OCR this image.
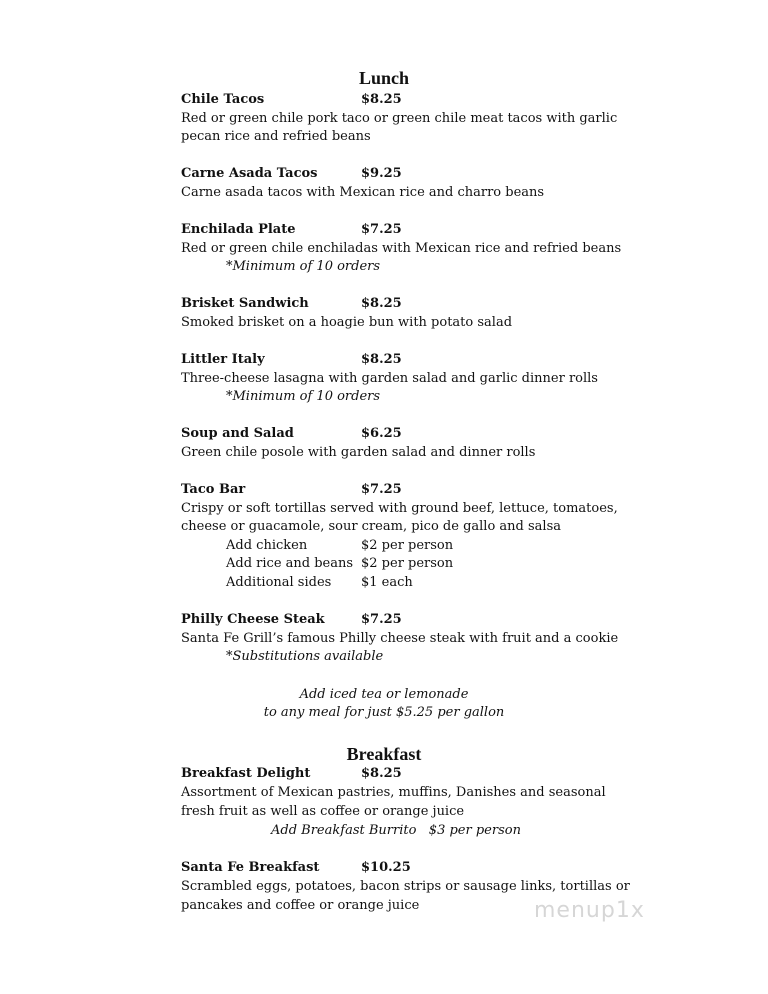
Lunch
Chile Tacos	$8.25
Red or green chile pork taco or green chile meat tacos with garlic
pecan rice and refried beans
Carne Asada Tacos	$9.25
Carne asada tacos with Mexican rice and charro beans
Enchilada Plate	$7.25
Red or green chile enchiladas with Mexican rice and refried beans
*Minimum of 10 orders
Brisket Sandwich	$8.25
Smoked brisket on a hoagie bun with potato salad
Littler Italy	$8.25
Three-cheese lasagna with garden salad and garlic dinner rolls
*Minimum of 10 orders
Soup and Salad	$6.25
Green chile posole with garden salad and dinner rolls
Taco Bar	$7.25
Crispy or soft tortillas served with ground beef, lettuce, tomatoes,
cheese or guacamole, sour cream, pico de gallo and salsa
Add chicken	$2 per person
Add rice and beans $2 per person
Additional sides $1 each
Philly Cheese Steak	$7.25
Santa Fe Grill’s famous Philly cheese steak with fruit and a cookie
*Substitutions available
Add iced tea or lemonade
to any meal for just $5.25 per gallon
Breakfast
Breakfast Delight	$8.25
Assortment of Mexican pastries, muffins, Danishes and seasonal
fresh fruit as well as coffee or orange juice
Add Breakfast Burrito   $3 per person
Santa Fe Breakfast	$10.25
Scrambled eggs, potatoes, bacon strips or sausage links, tortillas or
pancakes and coffee or orange juice	menup1x
